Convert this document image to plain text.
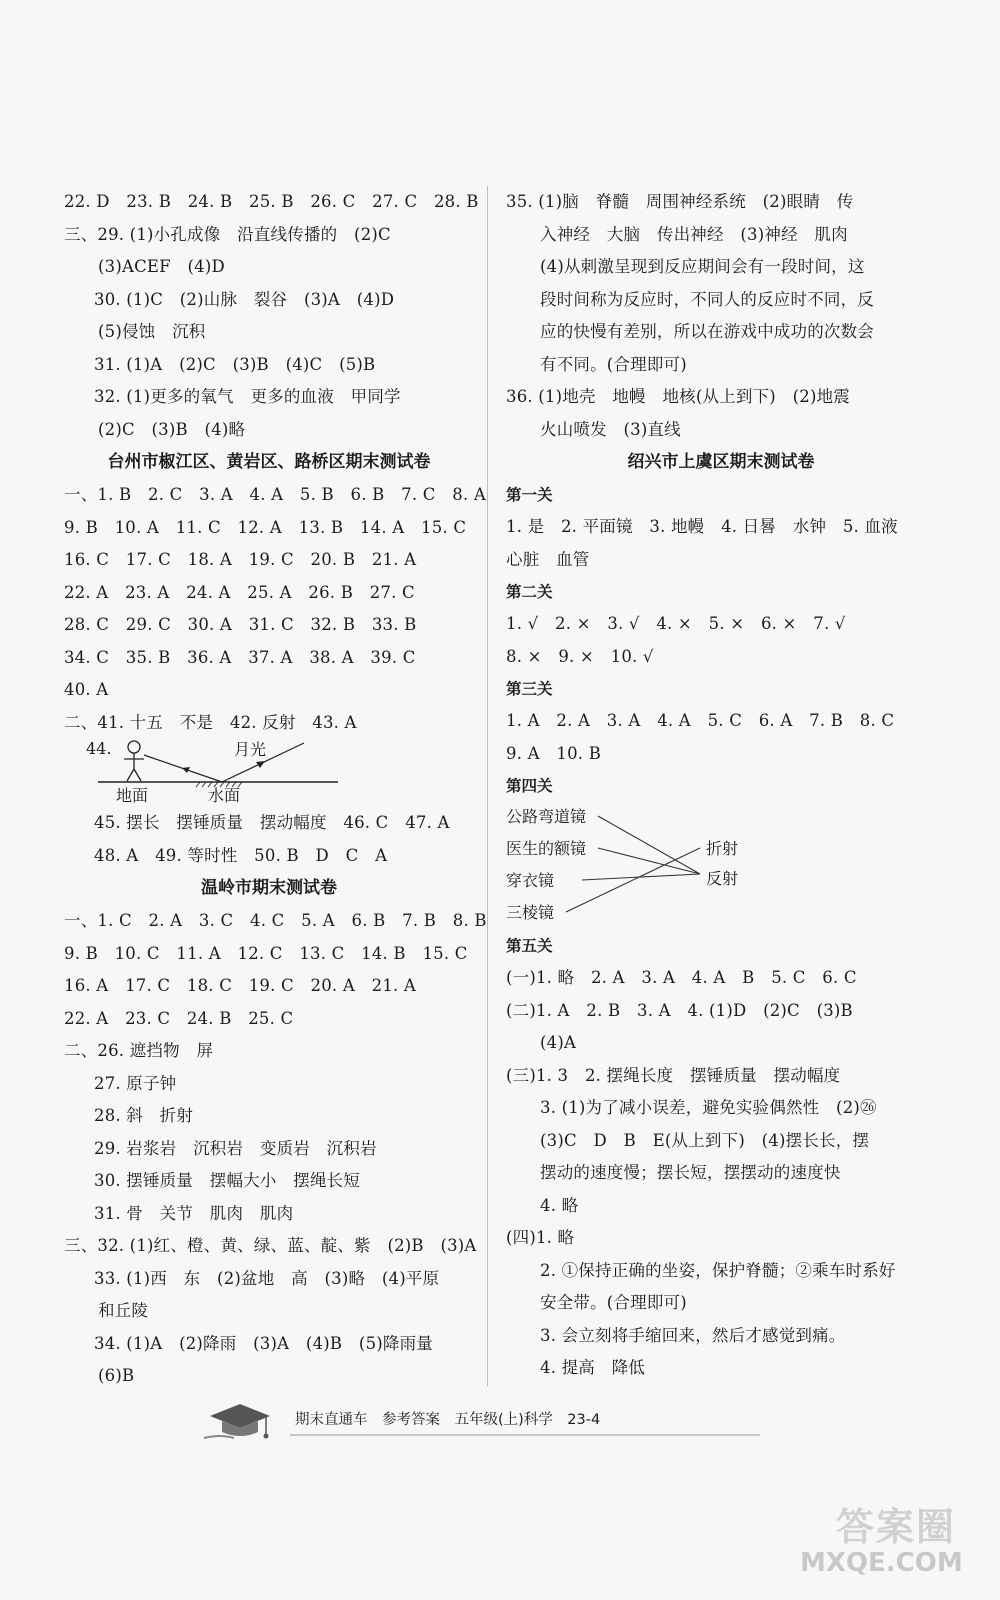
22. D　23. B　24. B　25. B　26. C　27. C　28. B
三、29. (1)小孔成像　沿直线传播的　(2)C
(3)ACEF　(4)D
30. (1)C　(2)山脉　裂谷　(3)A　(4)D
(5)侵蚀　沉积
31. (1)A　(2)C　(3)B　(4)C　(5)B
32. (1)更多的氧气　更多的血液　甲同学
(2)C　(3)B　(4)略
台州市椒江区、黄岩区、路桥区期末测试卷
一、1. B　2. C　3. A　4. A　5. B　6. B　7. C　8. A
9. B　10. A　11. C　12. A　13. B　14. A　15. C
16. C　17. C　18. A　19. C　20. B　21. A
22. A　23. A　24. A　25. A　26. B　27. C
28. C　29. C　30. A　31. C　32. B　33. B
34. C　35. B　36. A　37. A　38. A　39. C
40. A
二、41. 十五　不是　42. 反射　43. A
44.	月光
地面	水面
45. 摆长　摆锤质量　摆动幅度　46. C　47. A
48. A　49. 等时性　50. B　D　C　A
温岭市期末测试卷
一、1. C　2. A　3. C　4. C　5. A　6. B　7. B　8. B
9. B　10. C　11. A　12. C　13. C　14. B　15. C
16. A　17. C　18. C　19. C　20. A　21. A
22. A　23. C　24. B　25. C
二、26. 遮挡物　屏
27. 原子钟
28. 斜　折射
29. 岩浆岩　沉积岩　变质岩　沉积岩
30. 摆锤质量　摆幅大小　摆绳长短
31. 骨　关节　肌肉　肌肉
三、32. (1)红、橙、黄、绿、蓝、靛、紫　(2)B　(3)A
33. (1)西　东　(2)盆地　高　(3)略　(4)平原
和丘陵
34. (1)A　(2)降雨　(3)A　(4)B　(5)降雨量
(6)B
35. (1)脑　脊髓　周围神经系统　(2)眼睛　传
入神经　大脑　传出神经　(3)神经　肌肉
(4)从刺激呈现到反应期间会有一段时间，这
段时间称为反应时，不同人的反应时不同，反
应的快慢有差别，所以在游戏中成功的次数会
有不同。(合理即可)
36. (1)地壳　地幔　地核(从上到下)　(2)地震
火山喷发　(3)直线
绍兴市上虞区期末测试卷
第一关
1. 是　2. 平面镜　3. 地幔　4. 日晷　水钟　5. 血液
心脏　血管
第二关
1. √　2. ×　3. √　4. ×　5. ×　6. ×　7. √
8. ×　9. ×　10. √
第三关
1. A　2. A　3. A　4. A　5. C　6. A　7. B　8. C
9. A　10. B
第四关
公路弯道镜
医生的额镜
穿衣镜
三棱镜
折射
反射
第五关
(一)1. 略　2. A　3. A　4. A　B　5. C　6. C
(二)1. A　2. B　3. A　4. (1)D　(2)C　(3)B
(4)A
(三)1. 3　2. 摆绳长度　摆锤质量　摆动幅度
3. (1)为了减小误差，避免实验偶然性　(2)㉖
(3)C　D　B　E(从上到下)　(4)摆长长，摆
摆动的速度慢；摆长短，摆摆动的速度快
4. 略
(四)1. 略
2. ①保持正确的坐姿，保护脊髓；②乘车时系好
安全带。(合理即可)
3. 会立刻将手缩回来，然后才感觉到痛。
4. 提高　降低
期末直通车　参考答案　五年级(上)科学　23-4
答案圈
MXQE.COM
